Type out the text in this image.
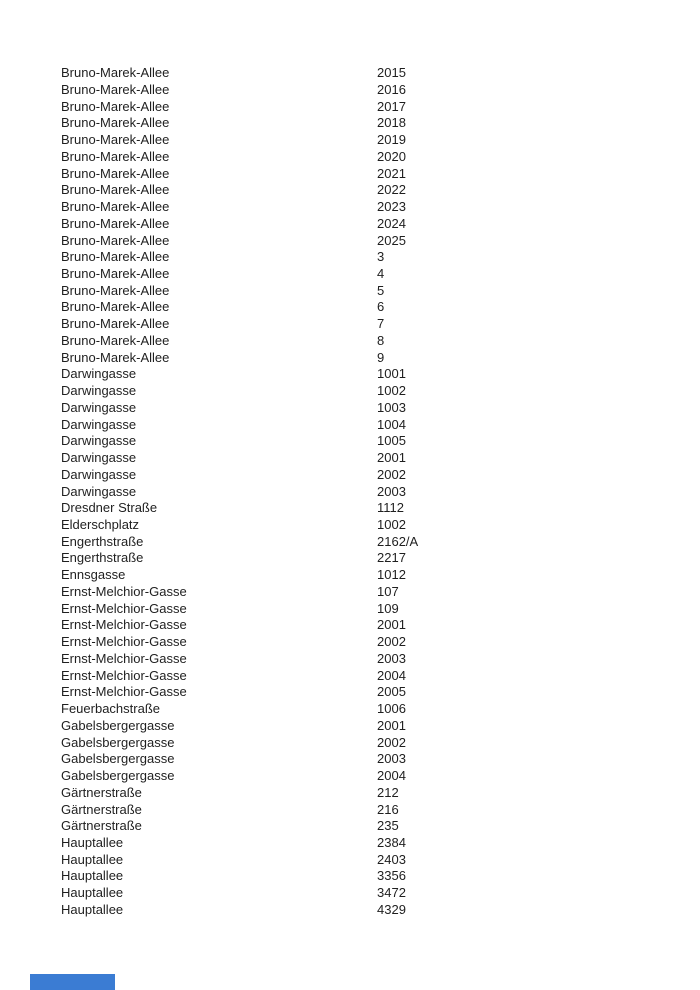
Bruno-Marek-Allee	2015
Bruno-Marek-Allee	2016
Bruno-Marek-Allee	2017
Bruno-Marek-Allee	2018
Bruno-Marek-Allee	2019
Bruno-Marek-Allee	2020
Bruno-Marek-Allee	2021
Bruno-Marek-Allee	2022
Bruno-Marek-Allee	2023
Bruno-Marek-Allee	2024
Bruno-Marek-Allee	2025
Bruno-Marek-Allee	3
Bruno-Marek-Allee	4
Bruno-Marek-Allee	5
Bruno-Marek-Allee	6
Bruno-Marek-Allee	7
Bruno-Marek-Allee	8
Bruno-Marek-Allee	9
Darwingasse	1001
Darwingasse	1002
Darwingasse	1003
Darwingasse	1004
Darwingasse	1005
Darwingasse	2001
Darwingasse	2002
Darwingasse	2003
Dresdner Straße	1112
Elderschplatz	1002
Engerthstraße	2162/A
Engerthstraße	2217
Ennsgasse	1012
Ernst-Melchior-Gasse	107
Ernst-Melchior-Gasse	109
Ernst-Melchior-Gasse	2001
Ernst-Melchior-Gasse	2002
Ernst-Melchior-Gasse	2003
Ernst-Melchior-Gasse	2004
Ernst-Melchior-Gasse	2005
Feuerbachstraße	1006
Gabelsbergergasse	2001
Gabelsbergergasse	2002
Gabelsbergergasse	2003
Gabelsbergergasse	2004
Gärtnerstraße	212
Gärtnerstraße	216
Gärtnerstraße	235
Hauptallee	2384
Hauptallee	2403
Hauptallee	3356
Hauptallee	3472
Hauptallee	4329
